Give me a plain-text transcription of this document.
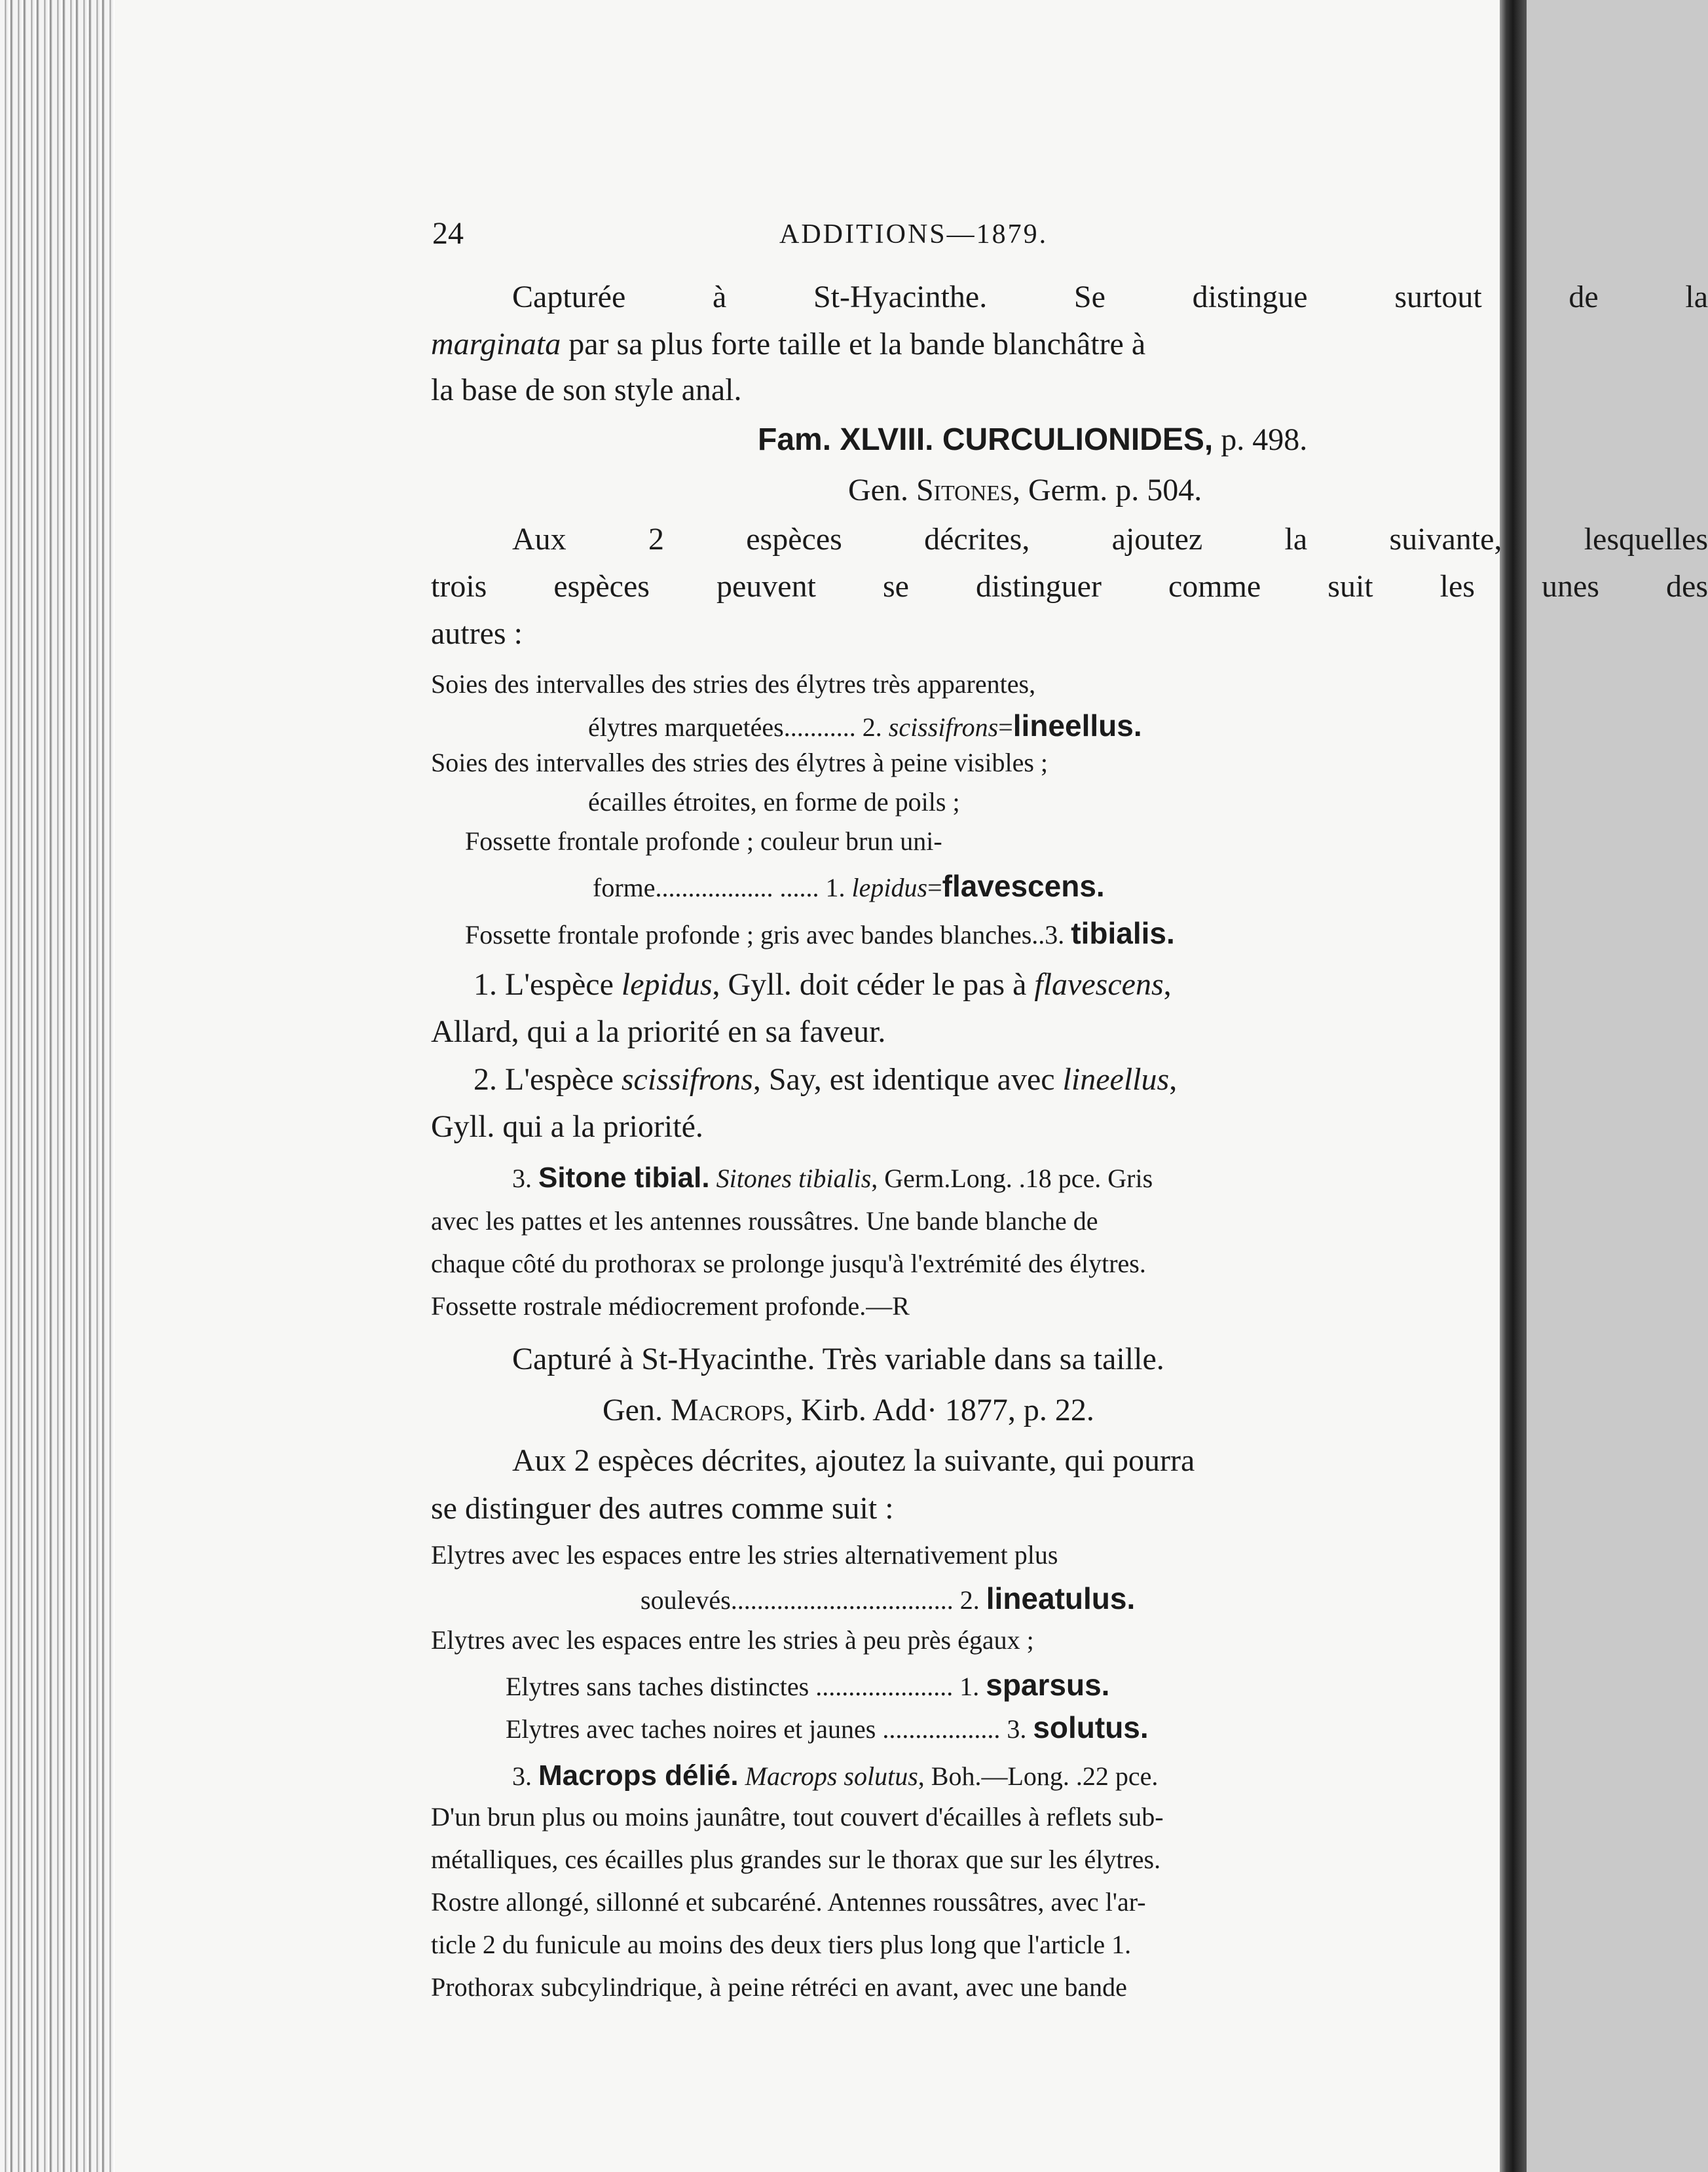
24	ADDITIONS—1879.
Capturée à St-Hyacinthe. Se distingue surtout de la
marginata par sa plus forte taille et la bande blanchâtre à
la base de son style anal.
Fam. XLVIII. CURCULIONIDES, p. 498.
Gen. Sitones, Germ. p. 504.
Aux 2 espèces décrites, ajoutez la suivante, lesquelles
trois espèces peuvent se distinguer comme suit les unes des
autres :
Soies des intervalles des stries des élytres très apparentes,
élytres marquetées........... 2. scissifrons=lineellus.
Soies des intervalles des stries des élytres à peine visibles ;
écailles étroites, en forme de poils ;
Fossette frontale profonde ; couleur brun uni-
forme.................. ...... 1. lepidus=flavescens.
Fossette frontale profonde ; gris avec bandes blanches..3. tibialis.
1. L'espèce lepidus, Gyll. doit céder le pas à flavescens,
Allard, qui a la priorité en sa faveur.
2. L'espèce scissifrons, Say, est identique avec lineellus,
Gyll. qui a la priorité.
3. Sitone tibial. Sitones tibialis, Germ.Long. .18 pce. Gris
avec les pattes et les antennes roussâtres. Une bande blanche de
chaque côté du prothorax se prolonge jusqu'à l'extrémité des élytres.
Fossette rostrale médiocrement profonde.—R
Capturé à St-Hyacinthe. Très variable dans sa taille.
Gen. Macrops, Kirb. Add· 1877, p. 22.
Aux 2 espèces décrites, ajoutez la suivante, qui pourra
se distinguer des autres comme suit :
Elytres avec les espaces entre les stries alternativement plus
soulevés.................................. 2. lineatulus.
Elytres avec les espaces entre les stries à peu près égaux ;
Elytres sans taches distinctes ..................... 1. sparsus.
Elytres avec taches noires et jaunes .................. 3. solutus.
3. Macrops délié. Macrops solutus, Boh.—Long. .22 pce.
D'un brun plus ou moins jaunâtre, tout couvert d'écailles à reflets sub-
métalliques, ces écailles plus grandes sur le thorax que sur les élytres.
Rostre allongé, sillonné et subcaréné. Antennes roussâtres, avec l'ar-
ticle 2 du funicule au moins des deux tiers plus long que l'article 1.
Prothorax subcylindrique, à peine rétréci en avant, avec une bande
